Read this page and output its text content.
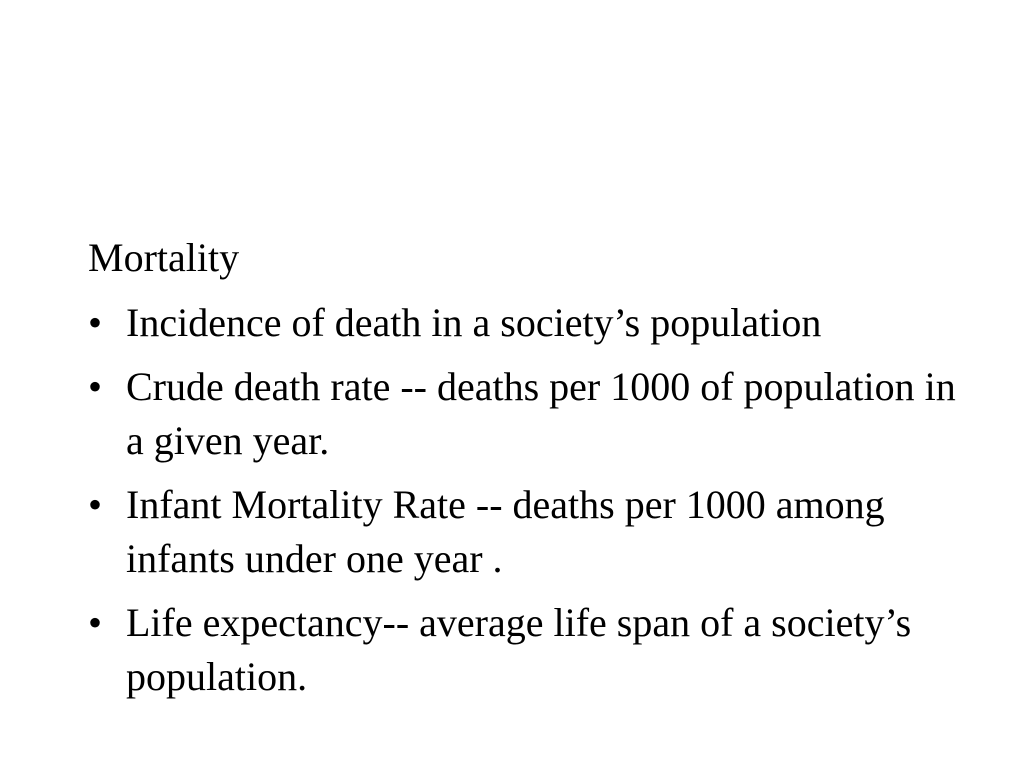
Mortality
• Incidence of death in a society’s population
• Crude death rate -- deaths per 1000 of population in a given year.
• Infant Mortality Rate -- deaths per 1000 among infants under one year .
• Life expectancy-- average life span of a society’s population.
